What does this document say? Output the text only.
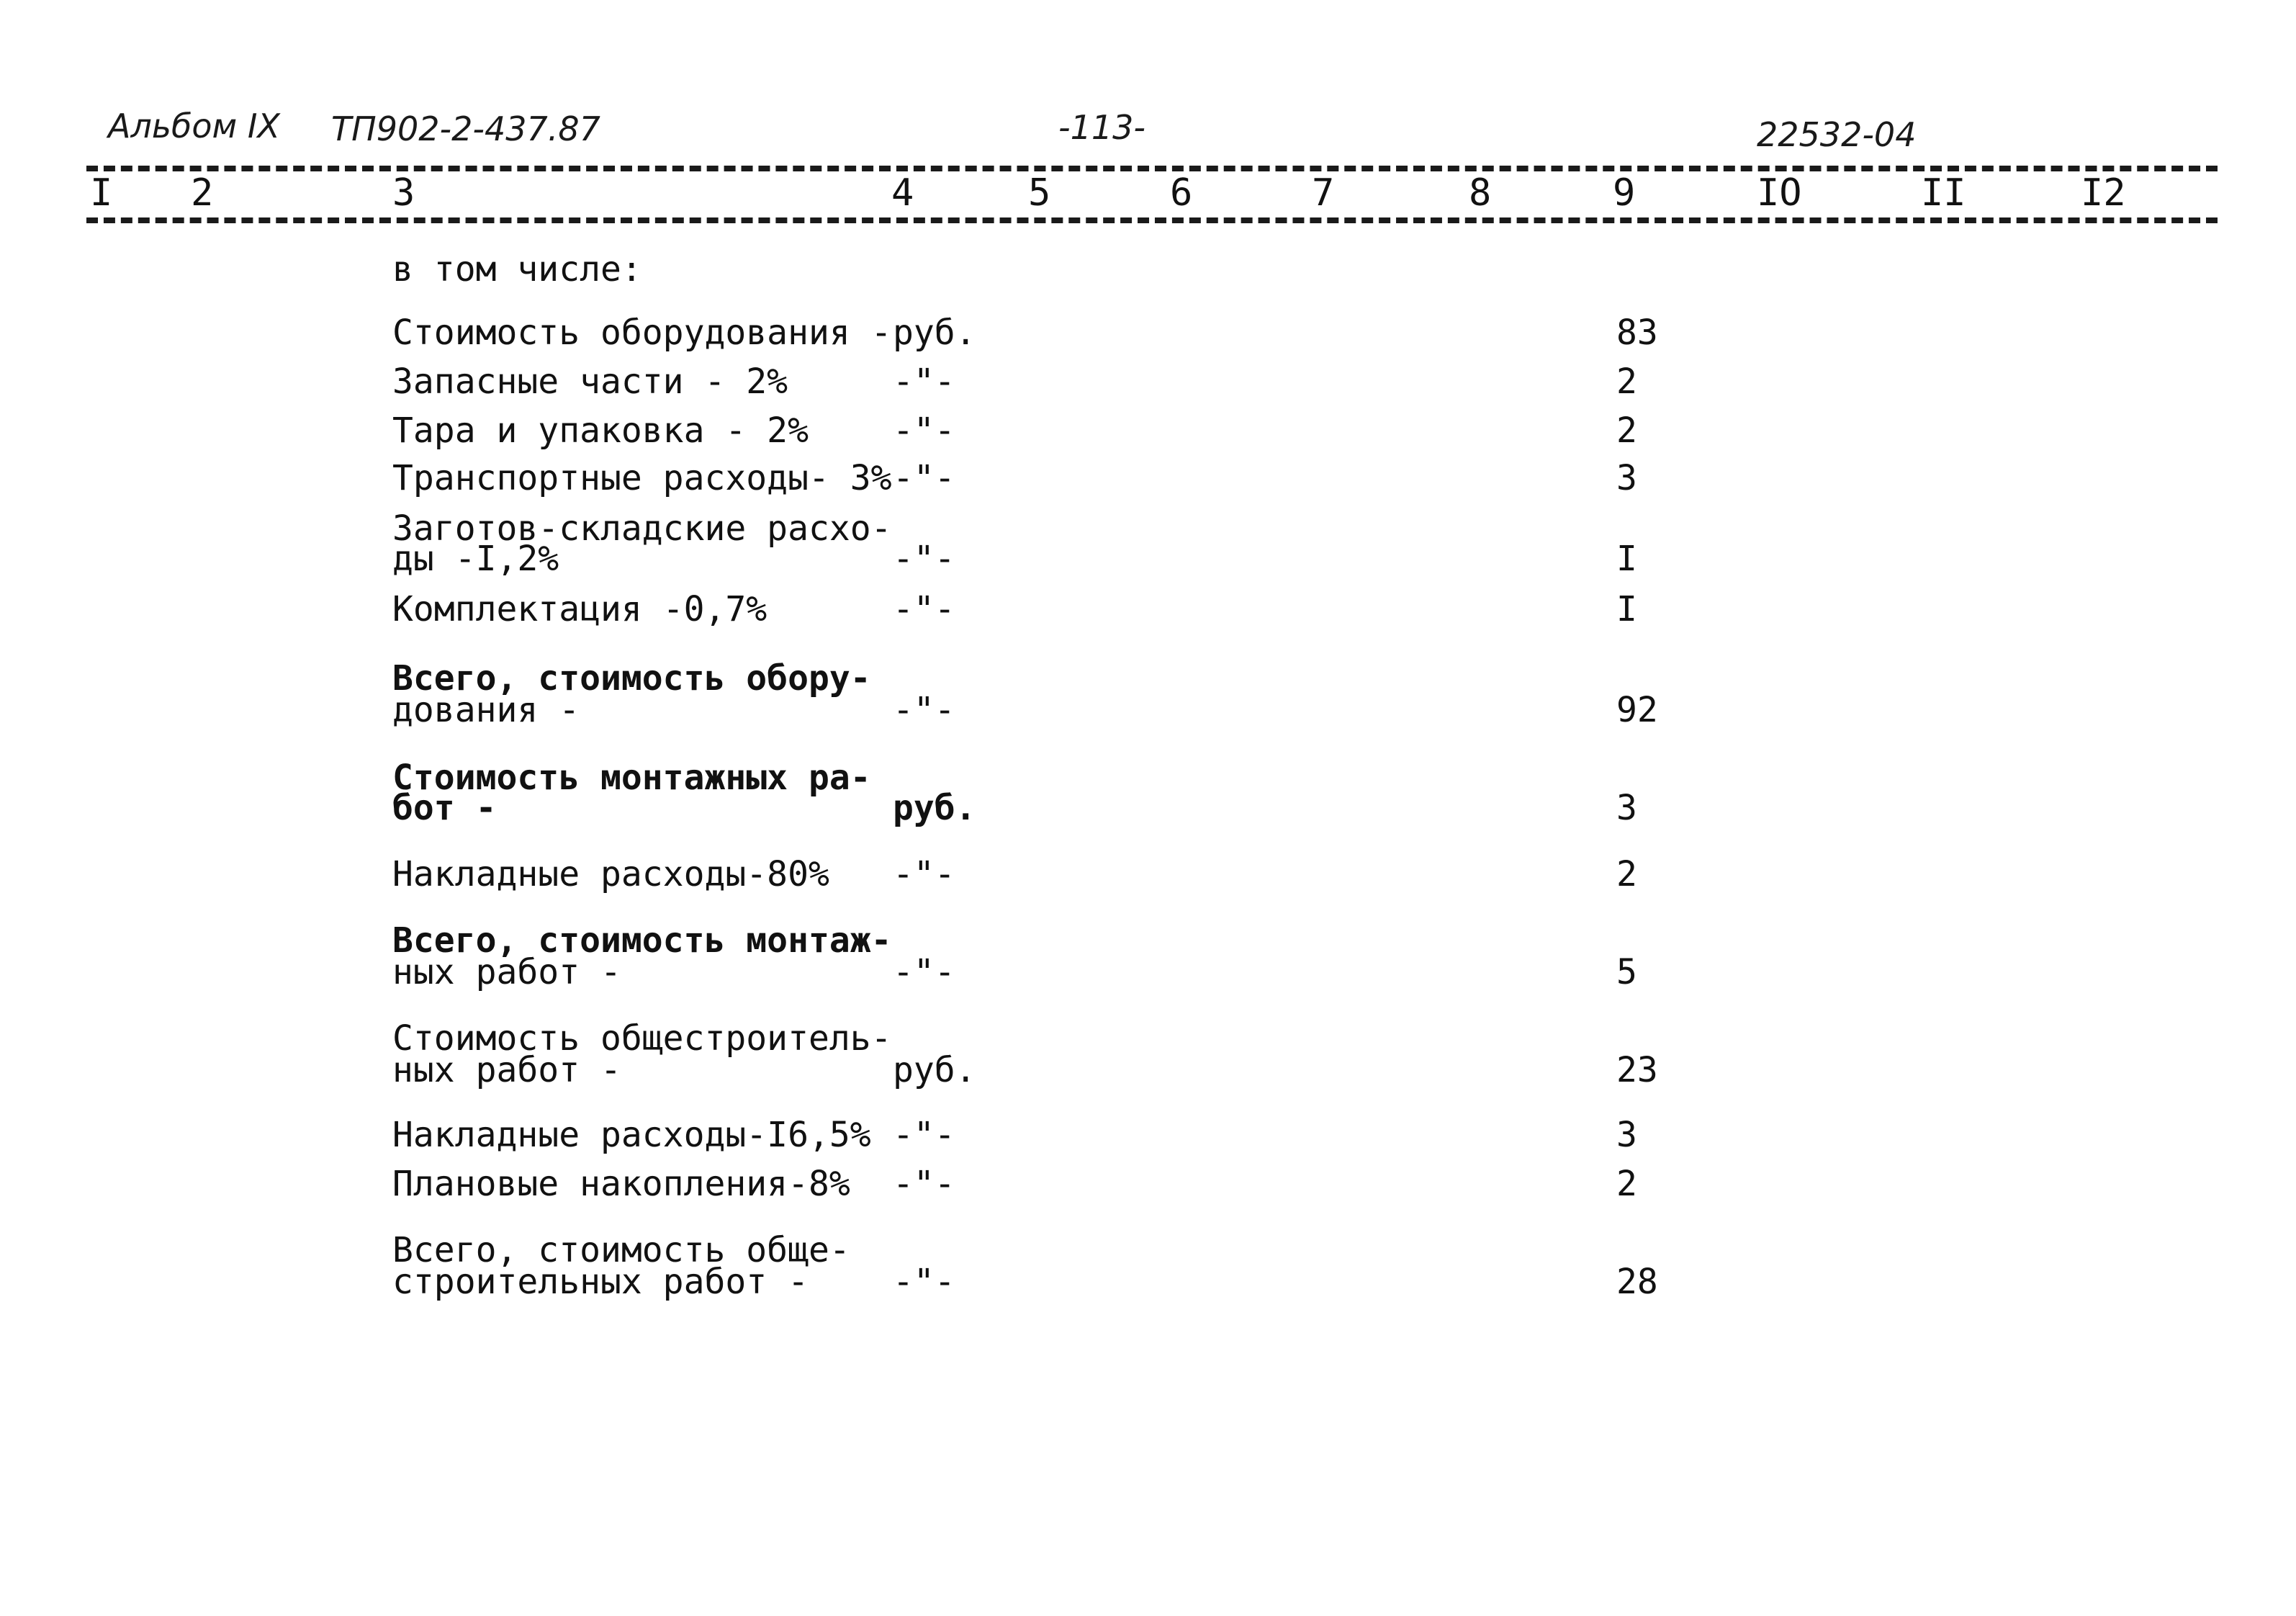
Альбом IX ТП902-2-437.87	-113-	22532-04
I 2	3	4	5	6	7	8	9	IO	II	I2
в том числе:
Стоимость оборудования - руб.	83
Запасные части - 2%	-"-	2
Тара и упаковка - 2% -"-	2
Транспортные расходы- 3% -"-	3
Заготов-складские расхо-
ды -I,2%	-"-	I
Комплектация -0,7%	-"-	I
Всего, стоимость обору-
дования -	-"-	92
Стоимость монтажных ра-
бот -	руб.	3
Накладные расходы-80% -"-	2
Всего, стоимость монтаж-
ных работ -	-"-	5
Стоимость общестроитель-
ных работ -	руб.	23
Накладные расходы-I6,5% -"-	3
Плановые накопления-8% -"-	2
Всего, стоимость обще-
строительных работ - -"-	28
